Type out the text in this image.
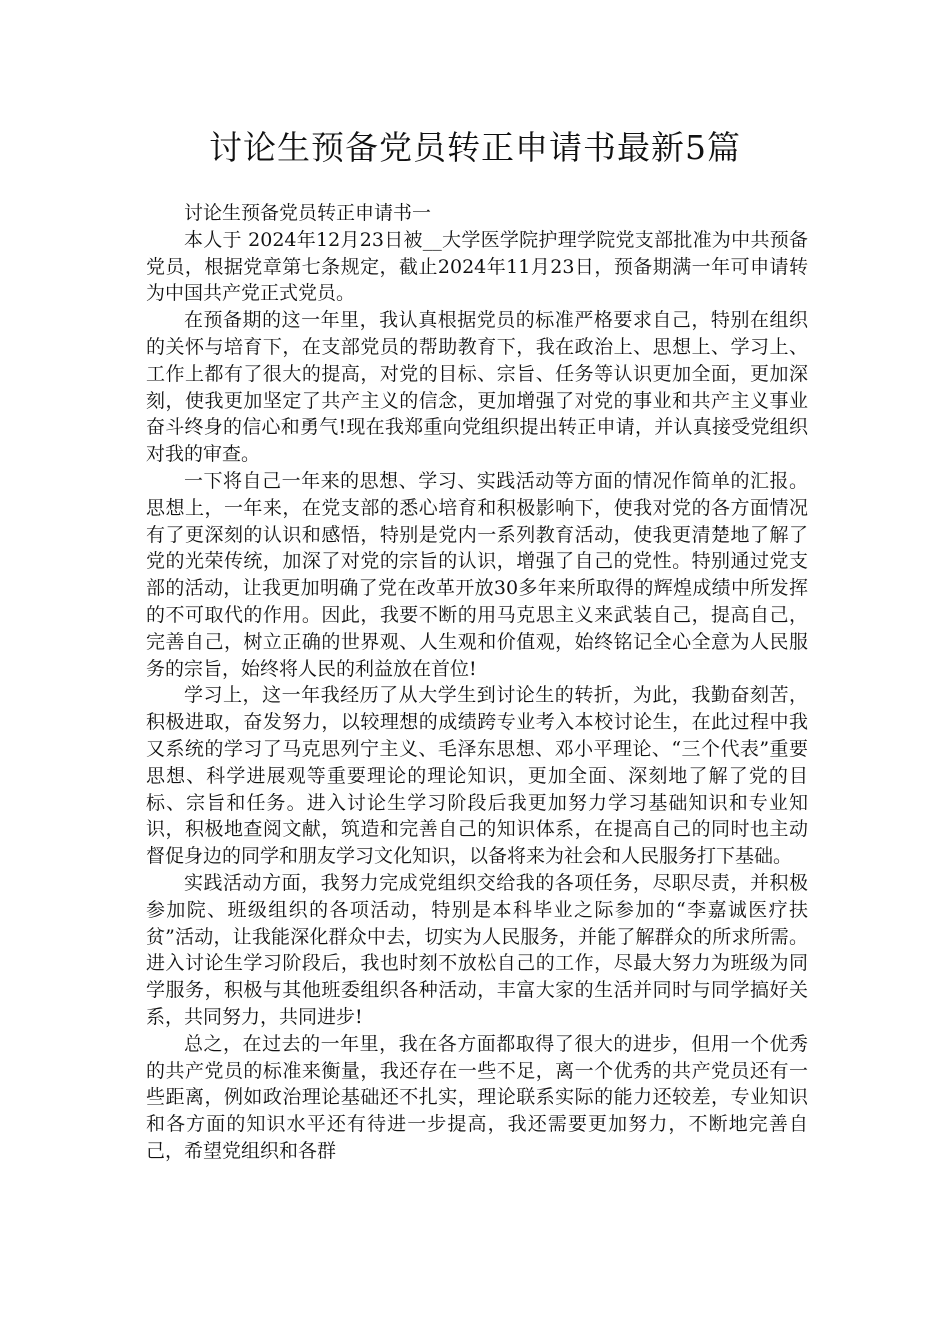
讨论生预备党员转正申请书最新5篇

讨论生预备党员转正申请书一

本人于 2024年12月23日被__大学医学院护理学院党支部批准为中共预备党员，根据党章第七条规定，截止2024年11月23日，预备期满一年可申请转为中国共产党正式党员。

在预备期的这一年里，我认真根据党员的标准严格要求自己，特别在组织的关怀与培育下，在支部党员的帮助教育下，我在政治上、思想上、学习上、工作上都有了很大的提高，对党的目标、宗旨、任务等认识更加全面，更加深刻，使我更加坚定了共产主义的信念，更加增强了对党的事业和共产主义事业奋斗终身的信心和勇气!现在我郑重向党组织提出转正申请，并认真接受党组织对我的审查。

一下将自己一年来的思想、学习、实践活动等方面的情况作简单的汇报。思想上，一年来，在党支部的悉心培育和积极影响下，使我对党的各方面情况有了更深刻的认识和感悟，特别是党内一系列教育活动，使我更清楚地了解了党的光荣传统，加深了对党的宗旨的认识，增强了自己的党性。特别通过党支部的活动，让我更加明确了党在改革开放30多年来所取得的辉煌成绩中所发挥的不可取代的作用。因此，我要不断的用马克思主义来武装自己，提高自己，完善自己，树立正确的世界观、人生观和价值观，始终铭记全心全意为人民服务的宗旨，始终将人民的利益放在首位!

学习上，这一年我经历了从大学生到讨论生的转折，为此，我勤奋刻苦，积极进取，奋发努力，以较理想的成绩跨专业考入本校讨论生，在此过程中我又系统的学习了马克思列宁主义、毛泽东思想、邓小平理论、“三个代表”重要思想、科学进展观等重要理论的理论知识，更加全面、深刻地了解了党的目标、宗旨和任务。进入讨论生学习阶段后我更加努力学习基础知识和专业知识，积极地查阅文献，筑造和完善自己的知识体系，在提高自己的同时也主动督促身边的同学和朋友学习文化知识，以备将来为社会和人民服务打下基础。

实践活动方面，我努力完成党组织交给我的各项任务，尽职尽责，并积极参加院、班级组织的各项活动，特别是本科毕业之际参加的“李嘉诚医疗扶贫”活动，让我能深化群众中去，切实为人民服务，并能了解群众的所求所需。进入讨论生学习阶段后，我也时刻不放松自己的工作，尽最大努力为班级为同学服务，积极与其他班委组织各种活动，丰富大家的生活并同时与同学搞好关系，共同努力，共同进步!

总之，在过去的一年里，我在各方面都取得了很大的进步，但用一个优秀的共产党员的标准来衡量，我还存在一些不足，离一个优秀的共产党员还有一些距离，例如政治理论基础还不扎实，理论联系实际的能力还较差，专业知识和各方面的知识水平还有待进一步提高，我还需要更加努力，不断地完善自己，希望党组织和各群
